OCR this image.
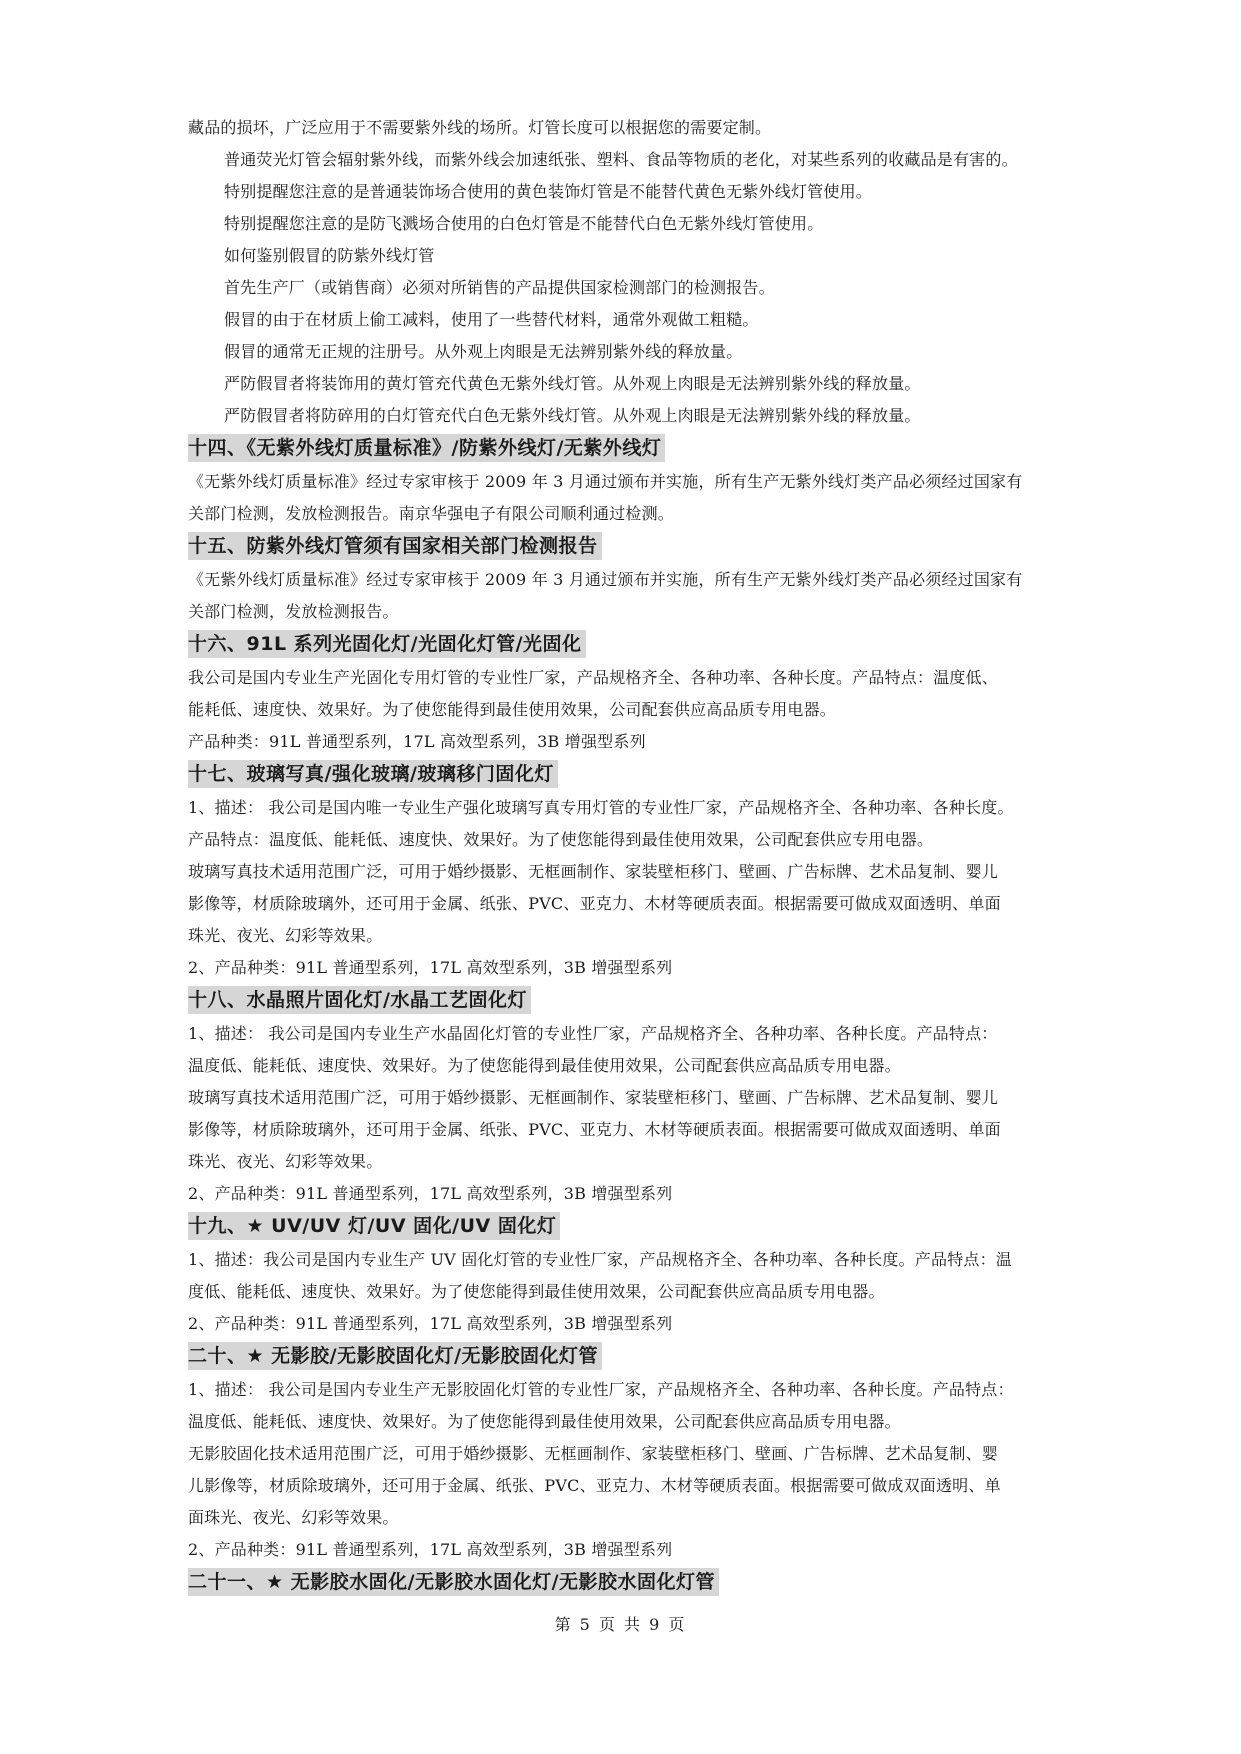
藏品的损坏，广泛应用于不需要紫外线的场所。灯管长度可以根据您的需要定制。
普通荧光灯管会辐射紫外线，而紫外线会加速纸张、塑料、食品等物质的老化，对某些系列的收藏品是有害的。
特别提醒您注意的是普通装饰场合使用的黄色装饰灯管是不能替代黄色无紫外线灯管使用。
特别提醒您注意的是防飞溅场合使用的白色灯管是不能替代白色无紫外线灯管使用。
如何鉴别假冒的防紫外线灯管
首先生产厂（或销售商）必须对所销售的产品提供国家检测部门的检测报告。
假冒的由于在材质上偷工减料，使用了一些替代材料，通常外观做工粗糙。
假冒的通常无正规的注册号。从外观上肉眼是无法辨别紫外线的释放量。
严防假冒者将装饰用的黄灯管充代黄色无紫外线灯管。从外观上肉眼是无法辨别紫外线的释放量。
严防假冒者将防碎用的白灯管充代白色无紫外线灯管。从外观上肉眼是无法辨别紫外线的释放量。
十四、《无紫外线灯质量标准》/防紫外线灯/无紫外线灯
《无紫外线灯质量标准》经过专家审核于 2009 年 3 月通过颁布并实施，所有生产无紫外线灯类产品必须经过国家有
关部门检测，发放检测报告。南京华强电子有限公司顺利通过检测。
十五、防紫外线灯管须有国家相关部门检测报告
《无紫外线灯质量标准》经过专家审核于 2009 年 3 月通过颁布并实施，所有生产无紫外线灯类产品必须经过国家有
关部门检测，发放检测报告。
十六、91L 系列光固化灯/光固化灯管/光固化
我公司是国内专业生产光固化专用灯管的专业性厂家，产品规格齐全、各种功率、各种长度。产品特点：温度低、
能耗低、速度快、效果好。为了使您能得到最佳使用效果，公司配套供应高品质专用电器。
产品种类：91L 普通型系列，17L 高效型系列，3B 增强型系列
十七、玻璃写真/强化玻璃/玻璃移门固化灯
1、描述： 我公司是国内唯一专业生产强化玻璃写真专用灯管的专业性厂家，产品规格齐全、各种功率、各种长度。
产品特点：温度低、能耗低、速度快、效果好。为了使您能得到最佳使用效果，公司配套供应专用电器。
玻璃写真技术适用范围广泛，可用于婚纱摄影、无框画制作、家装壁柜移门、壁画、广告标牌、艺术品复制、婴儿
影像等，材质除玻璃外，还可用于金属、纸张、PVC、亚克力、木材等硬质表面。根据需要可做成双面透明、单面
珠光、夜光、幻彩等效果。
2、产品种类：91L 普通型系列，17L 高效型系列，3B 增强型系列
十八、水晶照片固化灯/水晶工艺固化灯
1、描述： 我公司是国内专业生产水晶固化灯管的专业性厂家，产品规格齐全、各种功率、各种长度。产品特点：
温度低、能耗低、速度快、效果好。为了使您能得到最佳使用效果，公司配套供应高品质专用电器。
玻璃写真技术适用范围广泛，可用于婚纱摄影、无框画制作、家装壁柜移门、壁画、广告标牌、艺术品复制、婴儿
影像等，材质除玻璃外，还可用于金属、纸张、PVC、亚克力、木材等硬质表面。根据需要可做成双面透明、单面
珠光、夜光、幻彩等效果。
2、产品种类：91L 普通型系列，17L 高效型系列，3B 增强型系列
十九、★ UV/UV 灯/UV 固化/UV 固化灯
1、描述：我公司是国内专业生产 UV 固化灯管的专业性厂家，产品规格齐全、各种功率、各种长度。产品特点：温
度低、能耗低、速度快、效果好。为了使您能得到最佳使用效果，公司配套供应高品质专用电器。
2、产品种类：91L 普通型系列，17L 高效型系列，3B 增强型系列
二十、★ 无影胶/无影胶固化灯/无影胶固化灯管
1、描述： 我公司是国内专业生产无影胶固化灯管的专业性厂家，产品规格齐全、各种功率、各种长度。产品特点：
温度低、能耗低、速度快、效果好。为了使您能得到最佳使用效果，公司配套供应高品质专用电器。
无影胶固化技术适用范围广泛，可用于婚纱摄影、无框画制作、家装壁柜移门、壁画、广告标牌、艺术品复制、婴
儿影像等，材质除玻璃外，还可用于金属、纸张、PVC、亚克力、木材等硬质表面。根据需要可做成双面透明、单
面珠光、夜光、幻彩等效果。
2、产品种类：91L 普通型系列，17L 高效型系列，3B 增强型系列
二十一、★ 无影胶水固化/无影胶水固化灯/无影胶水固化灯管
第 5 页 共 9 页
